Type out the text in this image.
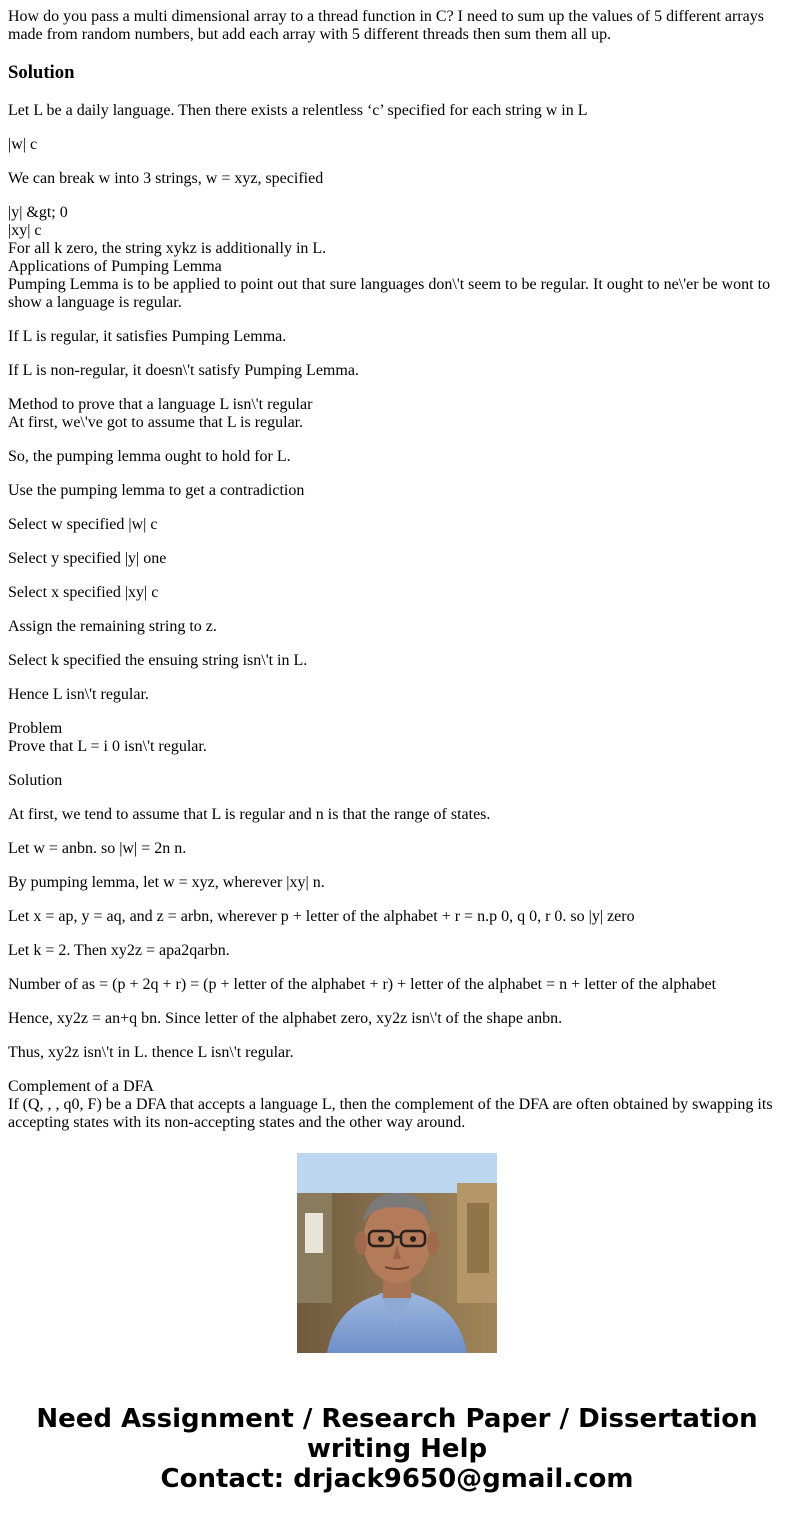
How do you pass a multi dimensional array to a thread function in C? I need to sum up the values of 5 different arrays made from random numbers, but add each array with 5 different threads then sum them all up.

Solution
Let L be a daily language. Then there exists a relentless ‘c’ specified for each string w in L
|w| c
We can break w into 3 strings, w = xyz, specified
|y| &gt; 0
|xy| c
For all k zero, the string xykz is additionally in L.
Applications of Pumping Lemma
Pumping Lemma is to be applied to point out that sure languages don\'t seem to be regular. It ought to ne\'er be wont to show a language is regular.
If L is regular, it satisfies Pumping Lemma.
If L is non-regular, it doesn\'t satisfy Pumping Lemma.
Method to prove that a language L isn\'t regular
At first, we\'ve got to assume that L is regular.
So, the pumping lemma ought to hold for L.
Use the pumping lemma to get a contradiction
Select w specified |w| c
Select y specified |y| one
Select x specified |xy| c
Assign the remaining string to z.
Select k specified the ensuing string isn\'t in L.
Hence L isn\'t regular.
Problem
Prove that L = i 0 isn\'t regular.
Solution
At first, we tend to assume that L is regular and n is that the range of states.
Let w = anbn. so |w| = 2n n.
By pumping lemma, let w = xyz, wherever |xy| n.
Let x = ap, y = aq, and z = arbn, wherever p + letter of the alphabet + r = n.p 0, q 0, r 0. so |y| zero
Let k = 2. Then xy2z = apa2qarbn.
Number of as = (p + 2q + r) = (p + letter of the alphabet + r) + letter of the alphabet = n + letter of the alphabet
Hence, xy2z = an+q bn. Since letter of the alphabet zero, xy2z isn\'t of the shape anbn.
Thus, xy2z isn\'t in L. thence L isn\'t regular.
Complement of a DFA
If (Q, , , q0, F) be a DFA that accepts a language L, then the complement of the DFA are often obtained by swapping its accepting states with its non-accepting states and the other way around.
Need Assignment / Research Paper / Dissertation
writing Help
Contact: drjack9650@gmail.com
